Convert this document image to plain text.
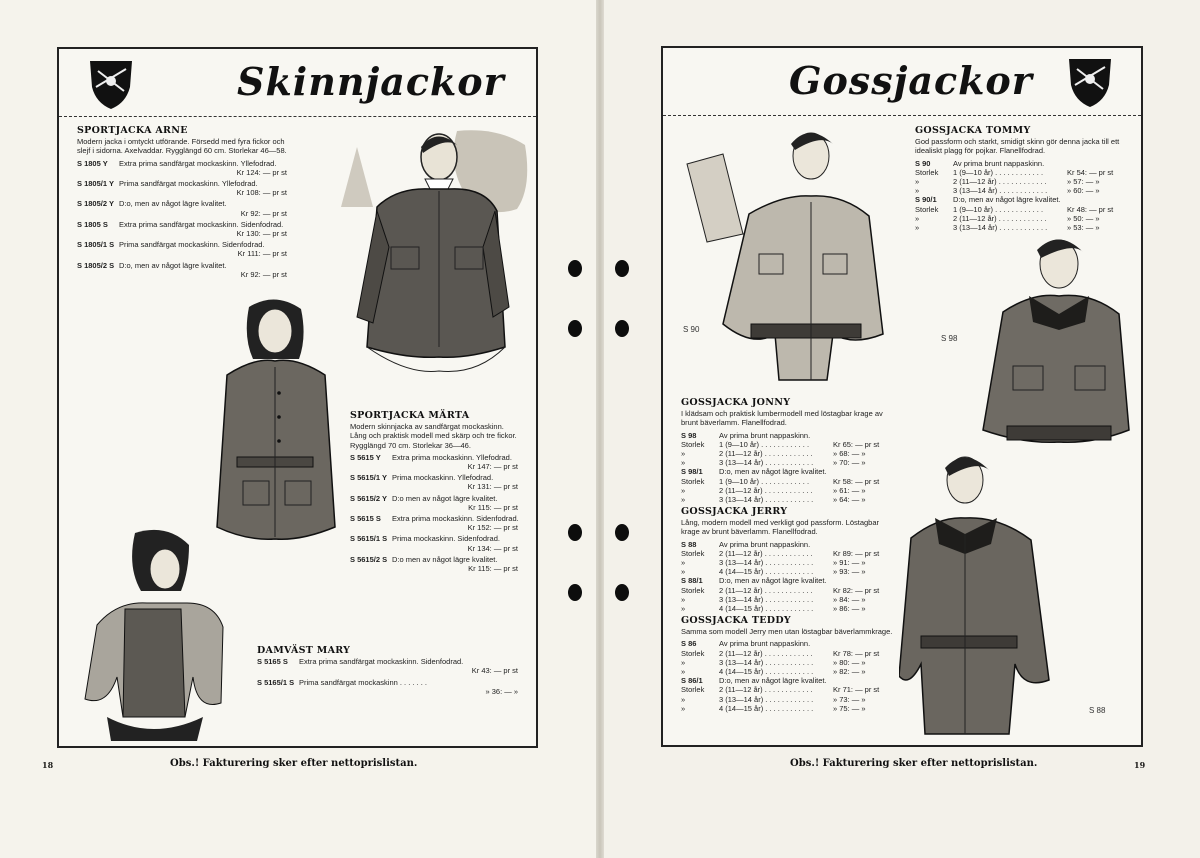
Skinnjackor
SPORTJACKA ARNE
Modern jacka i omtyckt utförande. Försedd med fyra fickor och slejf i sidorna. Axelvaddar. Rygglängd 60 cm. Storlekar 46—58.
S 1805 Y	Extra prima sandfärgat mockaskinn. Yllefodrad.
Kr 124: — pr st
S 1805/1 Y Prima sandfärgat mockaskinn. Yllefodrad.
Kr 108: — pr st
S 1805/2 Y D:o, men av något lägre kvalitet.
Kr 92: — pr st
S 1805 S	Extra prima sandfärgat mockaskinn. Sidenfodrad.
Kr 130: — pr st
S 1805/1 S Prima sandfärgat mockaskinn. Sidenfodrad.
Kr 111: — pr st
S 1805/2 S D:o, men av något lägre kvalitet.
Kr 92: — pr st
SPORTJACKA MÄRTA
Modern skinnjacka av sandfärgat mockaskinn. Lång och praktisk modell med skärp och tre fickor. Rygglängd 70 cm. Storlekar 36—46.
S 5615 Y	Extra prima mockaskinn. Yllefodrad.
Kr 147: — pr st
S 5615/1 Y Prima mockaskinn. Yllefodrad.
Kr 131: — pr st
S 5615/2 Y D:o men av något lägre kvalitet.
Kr 115: — pr st
S 5615 S	Extra prima mockaskinn. Sidenfodrad.
Kr 152: — pr st
S 5615/1 S Prima mockaskinn. Sidenfodrad.
Kr 134: — pr st
S 5615/2 S D:o men av något lägre kvalitet.
Kr 115: — pr st
DAMVÄST MARY
S 5165 S	Extra prima sandfärgat mockaskinn. Sidenfodrad.
Kr 43: — pr st
S 5165/1 S Prima sandfärgat mockaskinn . . . . . . .
» 36: — »
18	Obs.! Fakturering sker efter nettoprislistan.
Gossjackor
S 90
GOSSJACKA TOMMY
God passform och starkt, smidigt skinn gör denna jacka till ett idealiskt plagg för pojkar. Flanellfodrad.
S 90	Av prima brunt nappaskinn.
Storlek	1 (9—10 år) . . . . . . . . . . . .	Kr 54: — pr st
»	2 (11—12 år) . . . . . . . . . . . .	» 57: — »
»	3 (13—14 år) . . . . . . . . . . . .	» 60: — »
S 90/1	D:o, men av något lägre kvalitet.
Storlek	1 (9—10 år) . . . . . . . . . . . .	Kr 48: — pr st
»	2 (11—12 år) . . . . . . . . . . . .	» 50: — »
»	3 (13—14 år) . . . . . . . . . . . .	» 53: — »
S 98
GOSSJACKA JONNY
I klädsam och praktisk lumbermodell med löstagbar krage av brunt bäverlamm. Flanellfodrad.
S 98	Av prima brunt nappaskinn.
Storlek	1 (9—10 år) . . . . . . . . . . . .	Kr 65: — pr st
»	2 (11—12 år) . . . . . . . . . . . .	» 68: — »
»	3 (13—14 år) . . . . . . . . . . . .	» 70: — »
S 98/1	D:o, men av något lägre kvalitet.
Storlek	1 (9—10 år) . . . . . . . . . . . .	Kr 58: — pr st
»	2 (11—12 år) . . . . . . . . . . . .	» 61: — »
»	3 (13—14 år) . . . . . . . . . . . .	» 64: — »
GOSSJACKA JERRY
Lång, modern modell med verkligt god passform. Löstagbar krage av brunt bäverlamm. Flanellfodrad.
S 88	Av prima brunt nappaskinn.
Storlek	2 (11—12 år) . . . . . . . . . . . .	Kr 89: — pr st
»	3 (13—14 år) . . . . . . . . . . . .	» 91: — »
»	4 (14—15 år) . . . . . . . . . . . .	» 93: — »
S 88/1	D:o, men av något lägre kvalitet.
Storlek	2 (11—12 år) . . . . . . . . . . . .	Kr 82: — pr st
»	3 (13—14 år) . . . . . . . . . . . .	» 84: — »
»	4 (14—15 år) . . . . . . . . . . . .	» 86: — »
S 88
GOSSJACKA TEDDY
Samma som modell Jerry men utan löstagbar bäverlammkrage.
S 86	Av prima brunt nappaskinn.
Storlek	2 (11—12 år) . . . . . . . . . . . .	Kr 78: — pr st
»	3 (13—14 år) . . . . . . . . . . . .	» 80: — »
»	4 (14—15 år) . . . . . . . . . . . .	» 82: — »
S 86/1	D:o, men av något lägre kvalitet.
Storlek	2 (11—12 år) . . . . . . . . . . . .	Kr 71: — pr st
»	3 (13—14 år) . . . . . . . . . . . .	» 73: — »
»	4 (14—15 år) . . . . . . . . . . . .	» 75: — »
Obs.! Fakturering sker efter nettoprislistan.	19
